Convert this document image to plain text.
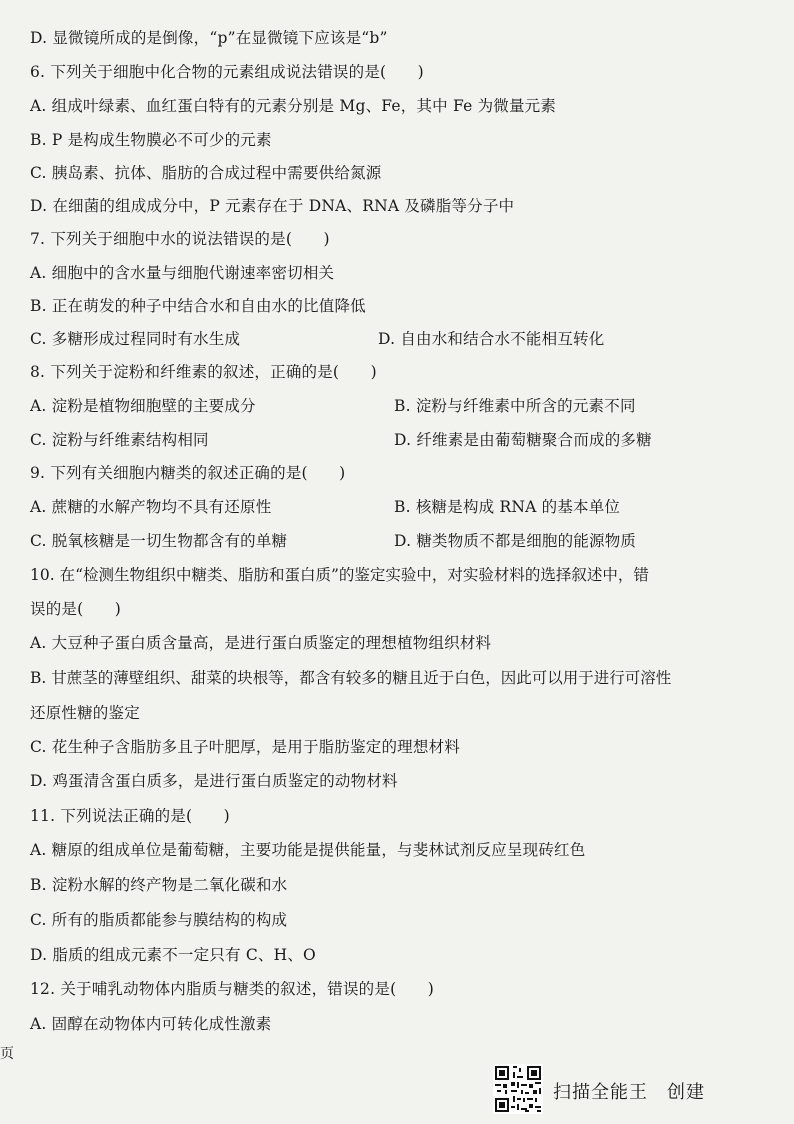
D. 显微镜所成的是倒像，“p”在显微镜下应该是“b”
6. 下列关于细胞中化合物的元素组成说法错误的是(　　)
A. 组成叶绿素、血红蛋白特有的元素分别是 Mg、Fe，其中 Fe 为微量元素
B. P 是构成生物膜必不可少的元素
C. 胰岛素、抗体、脂肪的合成过程中需要供给氮源
D. 在细菌的组成成分中，P 元素存在于 DNA、RNA 及磷脂等分子中
7. 下列关于细胞中水的说法错误的是(　　)
A. 细胞中的含水量与细胞代谢速率密切相关
B. 正在萌发的种子中结合水和自由水的比值降低
C. 多糖形成过程同时有水生成	D. 自由水和结合水不能相互转化
8. 下列关于淀粉和纤维素的叙述，正确的是(　　)
A. 淀粉是植物细胞壁的主要成分	B. 淀粉与纤维素中所含的元素不同
C. 淀粉与纤维素结构相同	D. 纤维素是由葡萄糖聚合而成的多糖
9. 下列有关细胞内糖类的叙述正确的是(　　)
A. 蔗糖的水解产物均不具有还原性	B. 核糖是构成 RNA 的基本单位
C. 脱氧核糖是一切生物都含有的单糖	D. 糖类物质不都是细胞的能源物质
10. 在“检测生物组织中糖类、脂肪和蛋白质”的鉴定实验中，对实验材料的选择叙述中，错
误的是(　　)
A. 大豆种子蛋白质含量高，是进行蛋白质鉴定的理想植物组织材料
B. 甘蔗茎的薄壁组织、甜菜的块根等，都含有较多的糖且近于白色，因此可以用于进行可溶性
还原性糖的鉴定
C. 花生种子含脂肪多且子叶肥厚，是用于脂肪鉴定的理想材料
D. 鸡蛋清含蛋白质多，是进行蛋白质鉴定的动物材料
11. 下列说法正确的是(　　)
A. 糖原的组成单位是葡萄糖，主要功能是提供能量，与斐林试剂反应呈现砖红色
B. 淀粉水解的终产物是二氧化碳和水
C. 所有的脂质都能参与膜结构的构成
D. 脂质的组成元素不一定只有 C、H、O
12. 关于哺乳动物体内脂质与糖类的叙述，错误的是(　　)
A. 固醇在动物体内可转化成性激素
页
扫描全能王　创建
